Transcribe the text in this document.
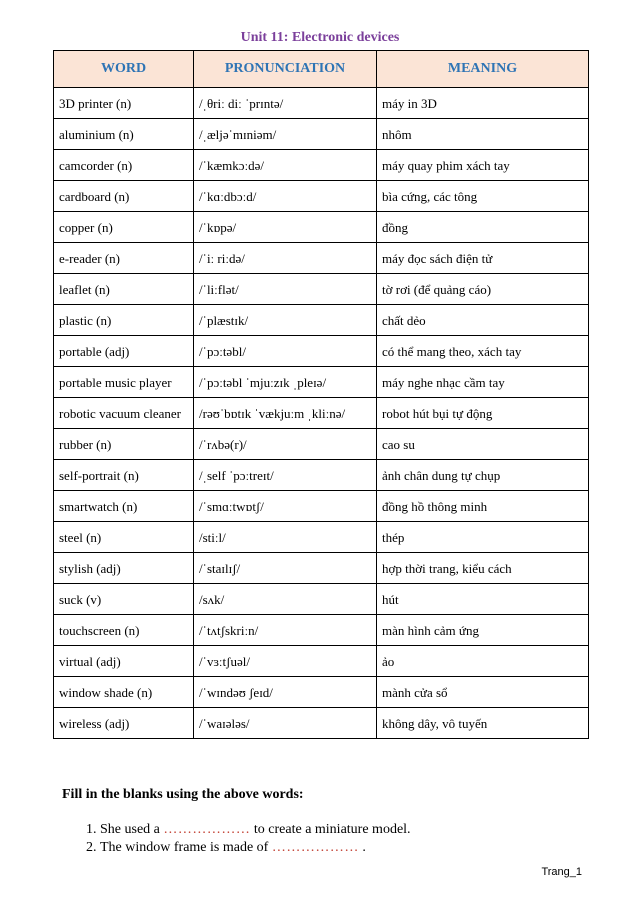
Unit 11: Electronic devices
WORD	PRONUNCIATION	MEANING
3D printer (n)	/ˌθriː diː ˈprɪntə/	máy in 3D
aluminium (n)	/ˌæljəˈmɪniəm/	nhôm
camcorder (n)	/ˈkæmkɔːdə/	máy quay phim xách tay
cardboard (n)	/ˈkɑːdbɔːd/	bìa cứng, các tông
copper (n)	/ˈkɒpə/	đồng
e-reader (n)	/ˈiː riːdə/	máy đọc sách điện tử
leaflet (n)	/ˈliːflət/	tờ rơi (để quảng cáo)
plastic (n)	/ˈplæstɪk/	chất dẻo
portable (adj)	/ˈpɔːtəbl/	có thể mang theo, xách tay
portable music player	/ˈpɔːtəbl ˈmjuːzɪk ˌpleɪə/	máy nghe nhạc cầm tay
robotic vacuum cleaner	/rəʊˈbɒtɪk ˈvækjuːm ˌkliːnə/	robot hút bụi tự động
rubber (n)	/ˈrʌbə(r)/	cao su
self-portrait (n)	/ˌself ˈpɔːtreɪt/	ảnh chân dung tự chụp
smartwatch (n)	/ˈsmɑːtwɒtʃ/	đồng hồ thông minh
steel (n)	/stiːl/	thép
stylish (adj)	/ˈstaɪlɪʃ/	hợp thời trang, kiểu cách
suck (v)	/sʌk/	hút
touchscreen (n)	/ˈtʌtʃskriːn/	màn hình cảm ứng
virtual (adj)	/ˈvɜːtʃuəl/	ảo
window shade (n)	/ˈwɪndəʊ ʃeɪd/	mành cửa sổ
wireless (adj)	/ˈwaɪələs/	không dây, vô tuyến

Fill in the blanks using the above words:

1. She used a ……………… to create a miniature model.
2. The window frame is made of ……………… .
Trang_1
